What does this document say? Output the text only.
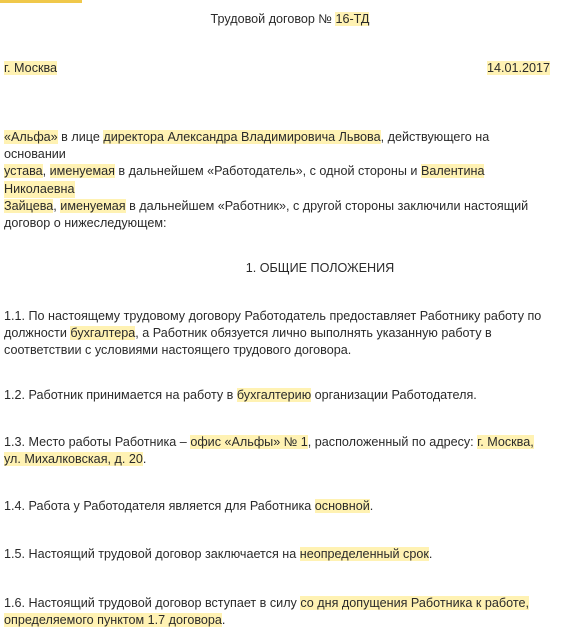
Трудовой договор № 16-ТД
г. Москва	14.01.2017
«Альфа» в лице директора Александра Владимировича Львова, действующего на
основании
устава, именуемая в дальнейшем «Работодатель», с одной стороны и Валентина
Николаевна
Зайцева, именуемая в дальнейшем «Работник», с другой стороны заключили настоящий
договор о нижеследующем:
1. ОБЩИЕ ПОЛОЖЕНИЯ
1.1. По настоящему трудовому договору Работодатель предоставляет Работнику работу по
должности бухгалтера, а Работник обязуется лично выполнять указанную работу в
соответствии с условиями настоящего трудового договора.
1.2. Работник принимается на работу в бухгалтерию организации Работодателя.
1.3. Место работы Работника – офис «Альфы» № 1, расположенный по адресу: г. Москва,
ул. Михалковская, д. 20.
1.4. Работа у Работодателя является для Работника основной.
1.5. Настоящий трудовой договор заключается на неопределенный срок.
1.6. Настоящий трудовой договор вступает в силу со дня допущения Работника к работе,
определяемого пунктом 1.7 договора.
